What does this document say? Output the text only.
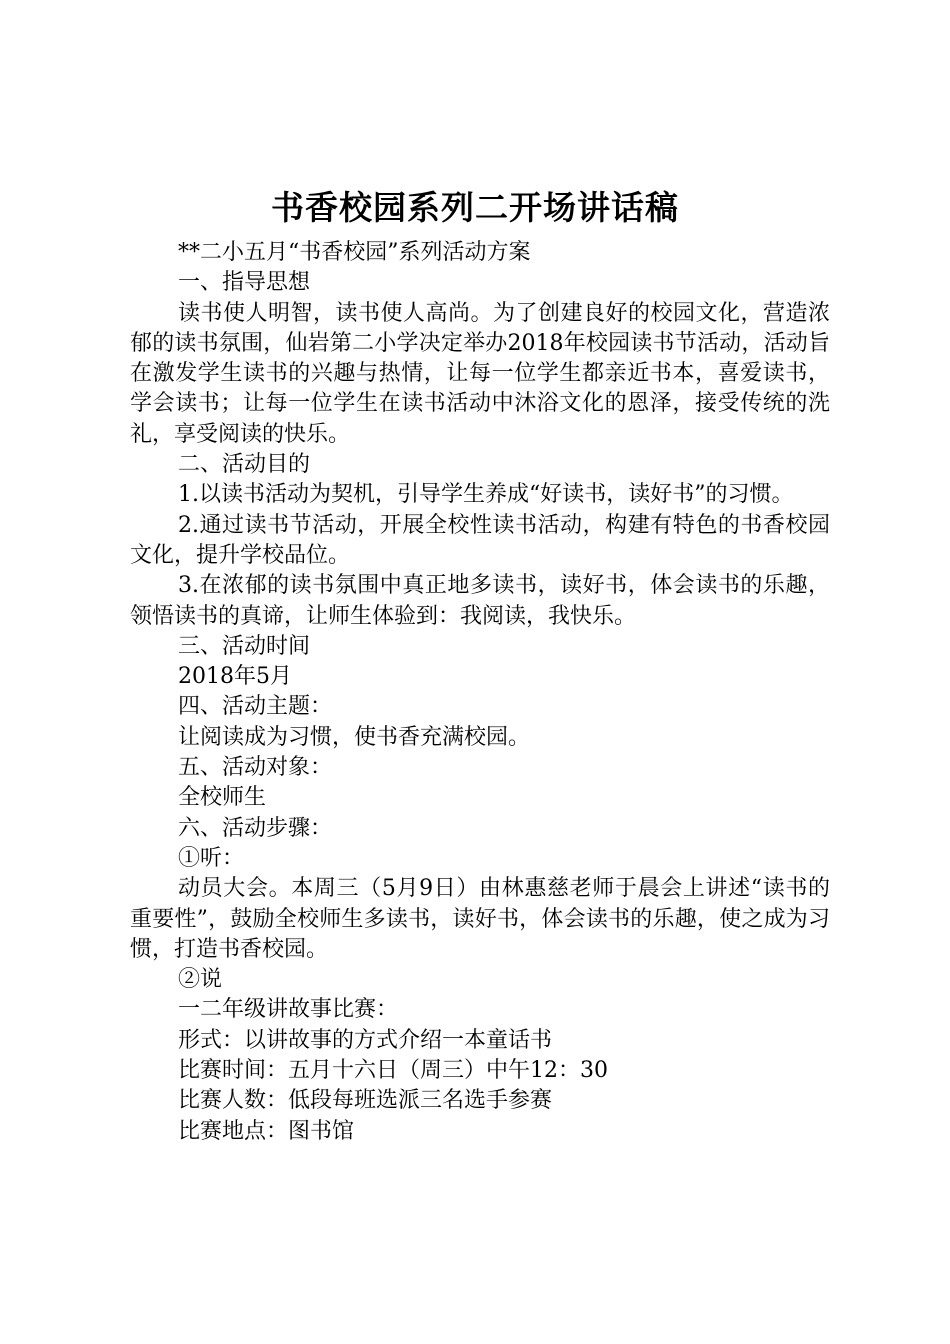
书香校园系列二开场讲话稿

**二小五月“书香校园”系列活动方案

一、指导思想

读书使人明智，读书使人高尚。为了创建良好的校园文化，营造浓郁的读书氛围，仙岩第二小学决定举办2018年校园读书节活动，活动旨在激发学生读书的兴趣与热情，让每一位学生都亲近书本，喜爱读书，学会读书；让每一位学生在读书活动中沐浴文化的恩泽，接受传统的洗礼，享受阅读的快乐。

二、活动目的

1.以读书活动为契机，引导学生养成“好读书，读好书”的习惯。

2.通过读书节活动，开展全校性读书活动，构建有特色的书香校园文化，提升学校品位。

3.在浓郁的读书氛围中真正地多读书，读好书，体会读书的乐趣，领悟读书的真谛，让师生体验到：我阅读，我快乐。

三、活动时间

2018年5月

四、活动主题：

让阅读成为习惯，使书香充满校园。

五、活动对象：

全校师生

六、活动步骤：

①听：

动员大会。本周三（5月9日）由林惠慈老师于晨会上讲述“读书的重要性”，鼓励全校师生多读书，读好书，体会读书的乐趣，使之成为习惯，打造书香校园。

②说

一二年级讲故事比赛：

形式：以讲故事的方式介绍一本童话书

比赛时间：五月十六日（周三）中午12：30

比赛人数：低段每班选派三名选手参赛

比赛地点：图书馆
